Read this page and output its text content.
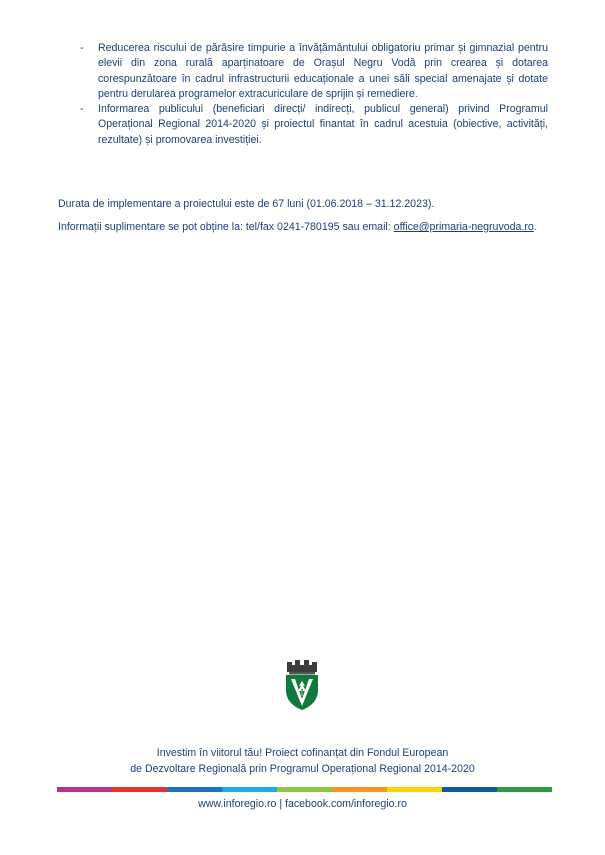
- Reducerea riscului de părăsire timpurie a învățământului obligatoriu primar și gimnazial pentru elevii din zona rurală aparținatoare de Orașul Negru Vodă prin crearea și dotarea corespunzătoare în cadrul infrastructurii educaționale a unei săli special amenajate și dotate pentru derularea programelor extracuriculare de sprijin și remediere.
- Informarea publicului (beneficiari direcți/ indirecți, publicul general) privind Programul Operațional Regional 2014-2020 și proiectul finantat în cadrul acestuia (obiective, activități, rezultate) și promovarea investiției.

Durata de implementare a proiectului este de 67 luni (01.06.2018 – 31.12.2023).

Informații suplimentare se pot obține la: tel/fax 0241-780195 sau email: office@primaria-negruvoda.ro.

Investim în viitorul tău! Proiect cofinanțat din Fondul European
de Dezvoltare Regională prin Programul Operațional Regional 2014-2020
www.inforegio.ro | facebook.com/inforegio.ro
